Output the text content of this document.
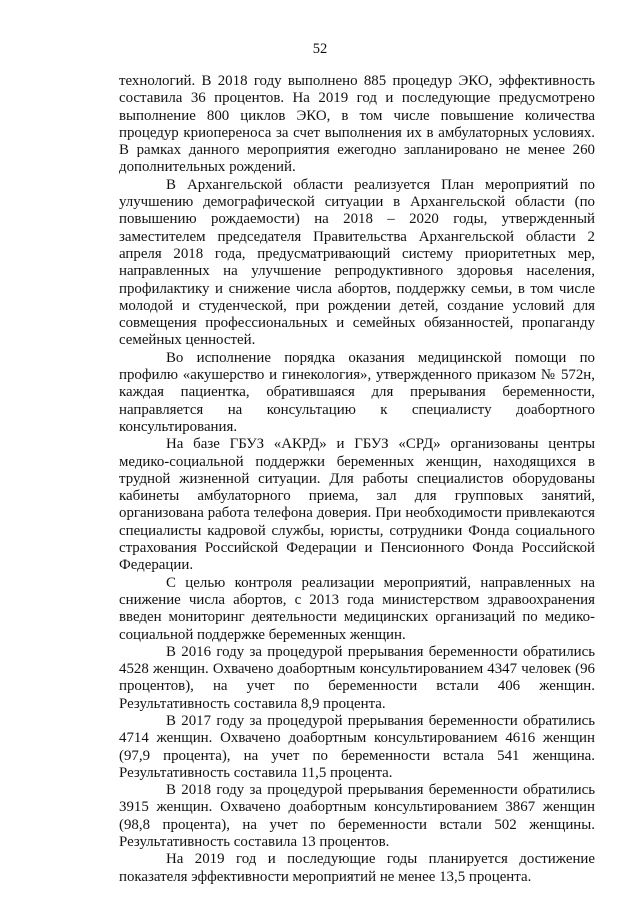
52

технологий. В 2018 году выполнено 885 процедур ЭКО, эффективность составила 36 процентов. На 2019 год и последующие предусмотрено выполнение 800 циклов ЭКО, в том числе повышение количества процедур криопереноса за счет выполнения их в амбулаторных условиях. В рамках данного мероприятия ежегодно запланировано не менее 260 дополнительных рождений.

В Архангельской области реализуется План мероприятий по улучшению демографической ситуации в Архангельской области (по повышению рождаемости) на 2018 – 2020 годы, утвержденный заместителем председателя Правительства Архангельской области 2 апреля 2018 года, предусматривающий систему приоритетных мер, направленных на улучшение репродуктивного здоровья населения, профилактику и снижение числа абортов, поддержку семьи, в том числе молодой и студенческой, при рождении детей, создание условий для совмещения профессиональных и семейных обязанностей, пропаганду семейных ценностей.

Во исполнение порядка оказания медицинской помощи по профилю «акушерство и гинекология», утвержденного приказом № 572н, каждая пациентка, обратившаяся для прерывания беременности, направляется на консультацию к специалисту доабортного консультирования.

На базе ГБУЗ «АКРД» и ГБУЗ «СРД» организованы центры медико-социальной поддержки беременных женщин, находящихся в трудной жизненной ситуации. Для работы специалистов оборудованы кабинеты амбулаторного приема, зал для групповых занятий, организована работа телефона доверия. При необходимости привлекаются специалисты кадровой службы, юристы, сотрудники Фонда социального страхования Российской Федерации и Пенсионного Фонда Российской Федерации.

С целью контроля реализации мероприятий, направленных на снижение числа абортов, с 2013 года министерством здравоохранения введен мониторинг деятельности медицинских организаций по медико-социальной поддержке беременных женщин.

В 2016 году за процедурой прерывания беременности обратились 4528 женщин. Охвачено доабортным консультированием 4347 человек (96 процентов), на учет по беременности встали 406 женщин. Результативность составила 8,9 процента.

В 2017 году за процедурой прерывания беременности обратились 4714 женщин. Охвачено доабортным консультированием 4616 женщин (97,9 процента), на учет по беременности встала 541 женщина. Результативность составила 11,5 процента.

В 2018 году за процедурой прерывания беременности обратились 3915 женщин. Охвачено доабортным консультированием 3867 женщин (98,8 процента), на учет по беременности встали 502 женщины. Результативность составила 13 процентов.

На 2019 год и последующие годы планируется достижение показателя эффективности мероприятий не менее 13,5 процента.
